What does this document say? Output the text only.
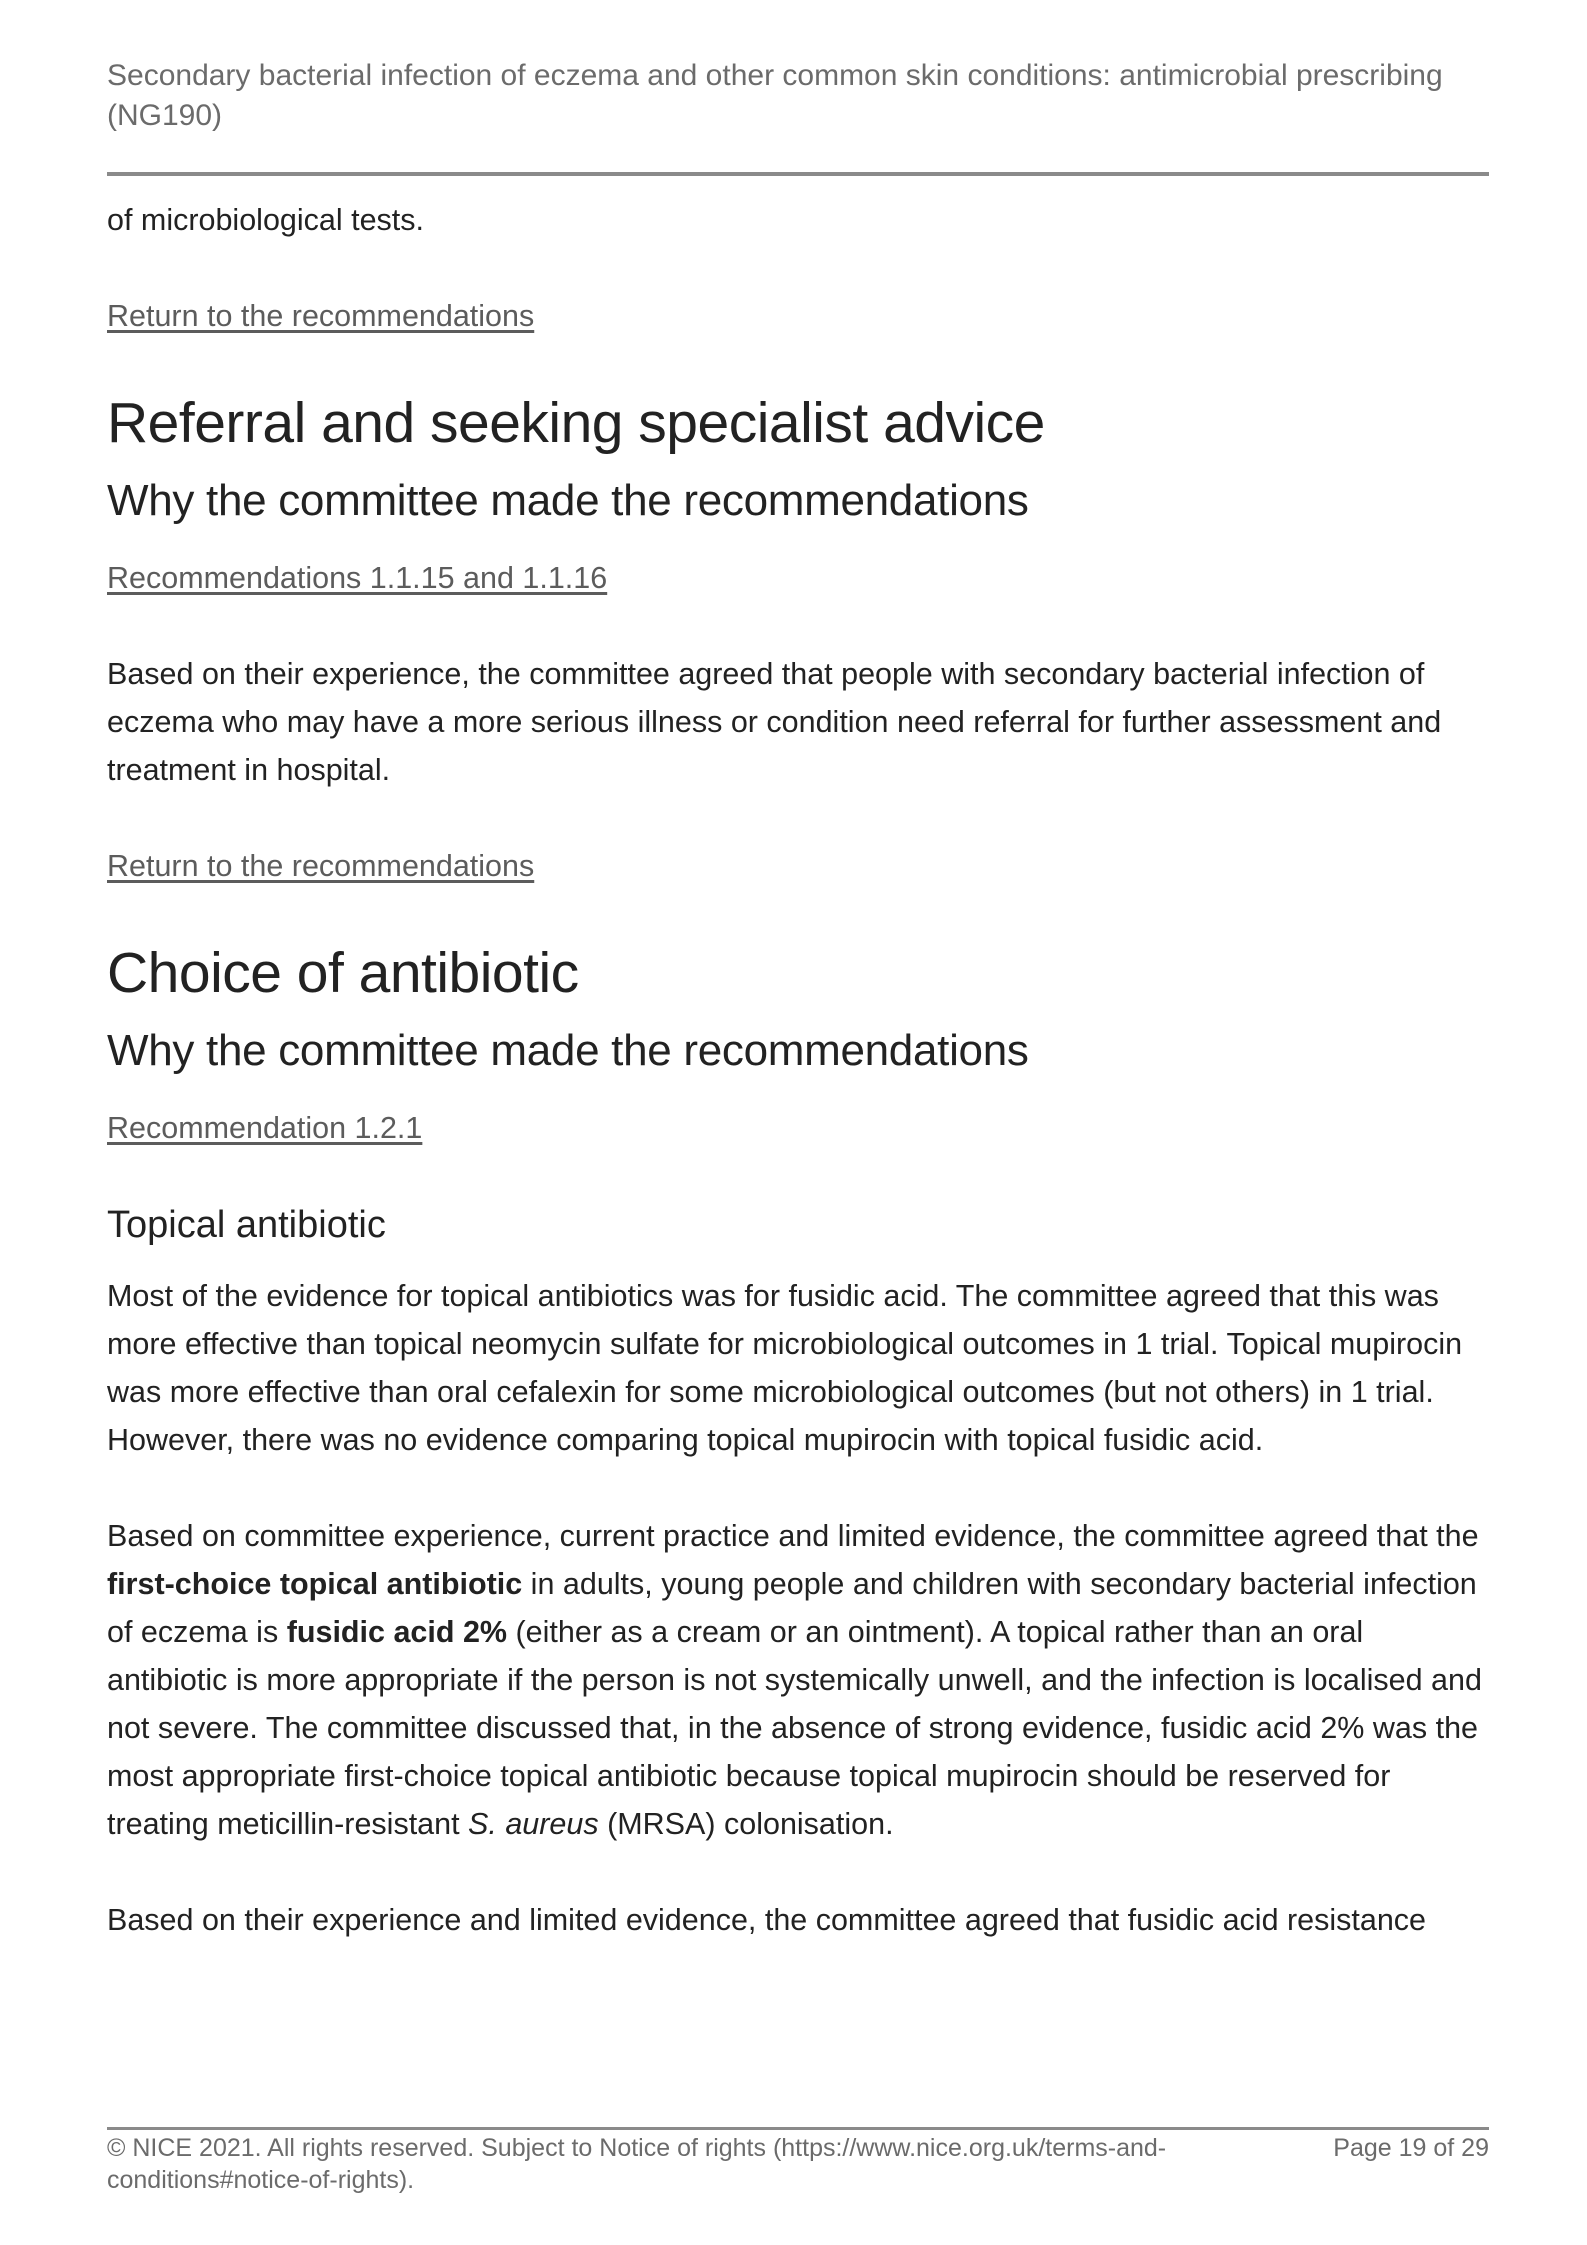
Secondary bacterial infection of eczema and other common skin conditions: antimicrobial prescribing (NG190)

of microbiological tests.

Return to the recommendations
Referral and seeking specialist advice
Why the committee made the recommendations
Recommendations 1.1.15 and 1.1.16

Based on their experience, the committee agreed that people with secondary bacterial infection of eczema who may have a more serious illness or condition need referral for further assessment and treatment in hospital.

Return to the recommendations
Choice of antibiotic
Why the committee made the recommendations
Recommendation 1.2.1
Topical antibiotic

Most of the evidence for topical antibiotics was for fusidic acid. The committee agreed that this was more effective than topical neomycin sulfate for microbiological outcomes in 1 trial. Topical mupirocin was more effective than oral cefalexin for some microbiological outcomes (but not others) in 1 trial. However, there was no evidence comparing topical mupirocin with topical fusidic acid.

Based on committee experience, current practice and limited evidence, the committee agreed that the first-choice topical antibiotic in adults, young people and children with secondary bacterial infection of eczema is fusidic acid 2% (either as a cream or an ointment). A topical rather than an oral antibiotic is more appropriate if the person is not systemically unwell, and the infection is localised and not severe. The committee discussed that, in the absence of strong evidence, fusidic acid 2% was the most appropriate first-choice topical antibiotic because topical mupirocin should be reserved for treating meticillin-resistant S. aureus (MRSA) colonisation.

Based on their experience and limited evidence, the committee agreed that fusidic acid resistance

© NICE 2021. All rights reserved. Subject to Notice of rights (https://www.nice.org.uk/terms-and-conditions#notice-of-rights).
Page 19 of 29
